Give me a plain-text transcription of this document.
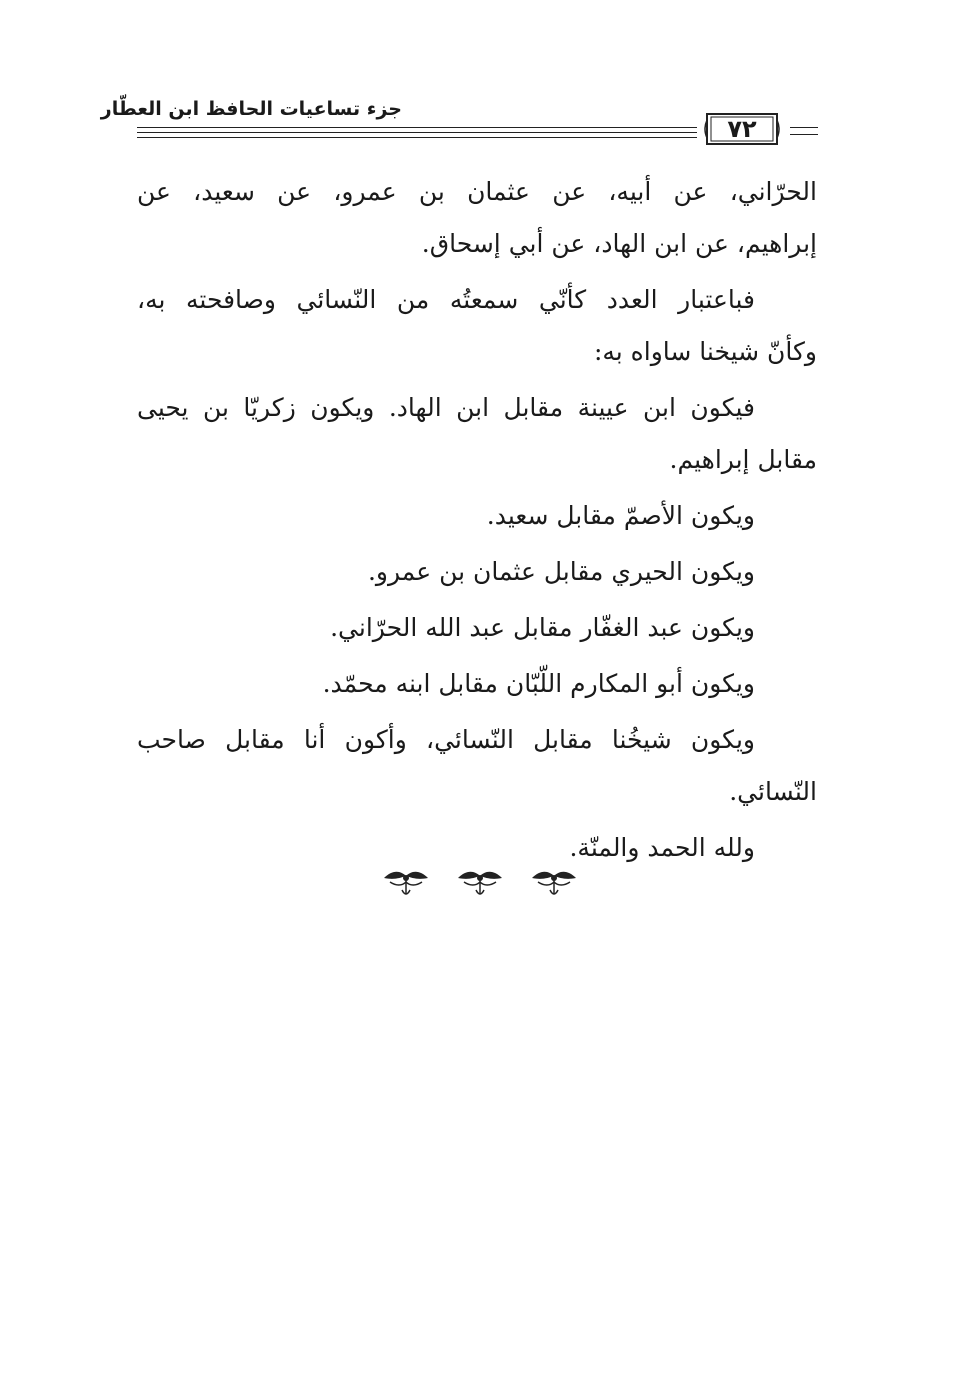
جزء تساعيات الحافظ ابن العطّار
٧٢

الحرّاني، عن أبيه، عن عثمان بن عمرو، عن سعيد، عن
إبراهيم، عن ابن الهاد، عن أبي إسحاق.

فباعتبار العدد كأنّي سمعتُه من النّسائي وصافحته به،
وكأنّ شيخنا ساواه به:

فيكون ابن عيينة مقابل ابن الهاد. ويكون زكريّا بن يحيى
مقابل إبراهيم.

ويكون الأصمّ مقابل سعيد.

ويكون الحيري مقابل عثمان بن عمرو.

ويكون عبد الغفّار مقابل عبد الله الحرّاني.

ويكون أبو المكارم اللّبّان مقابل ابنه محمّد.

ويكون شيخُنا مقابل النّسائي، وأكون أنا مقابل صاحب
النّسائي.

ولله الحمد والمنّة.
